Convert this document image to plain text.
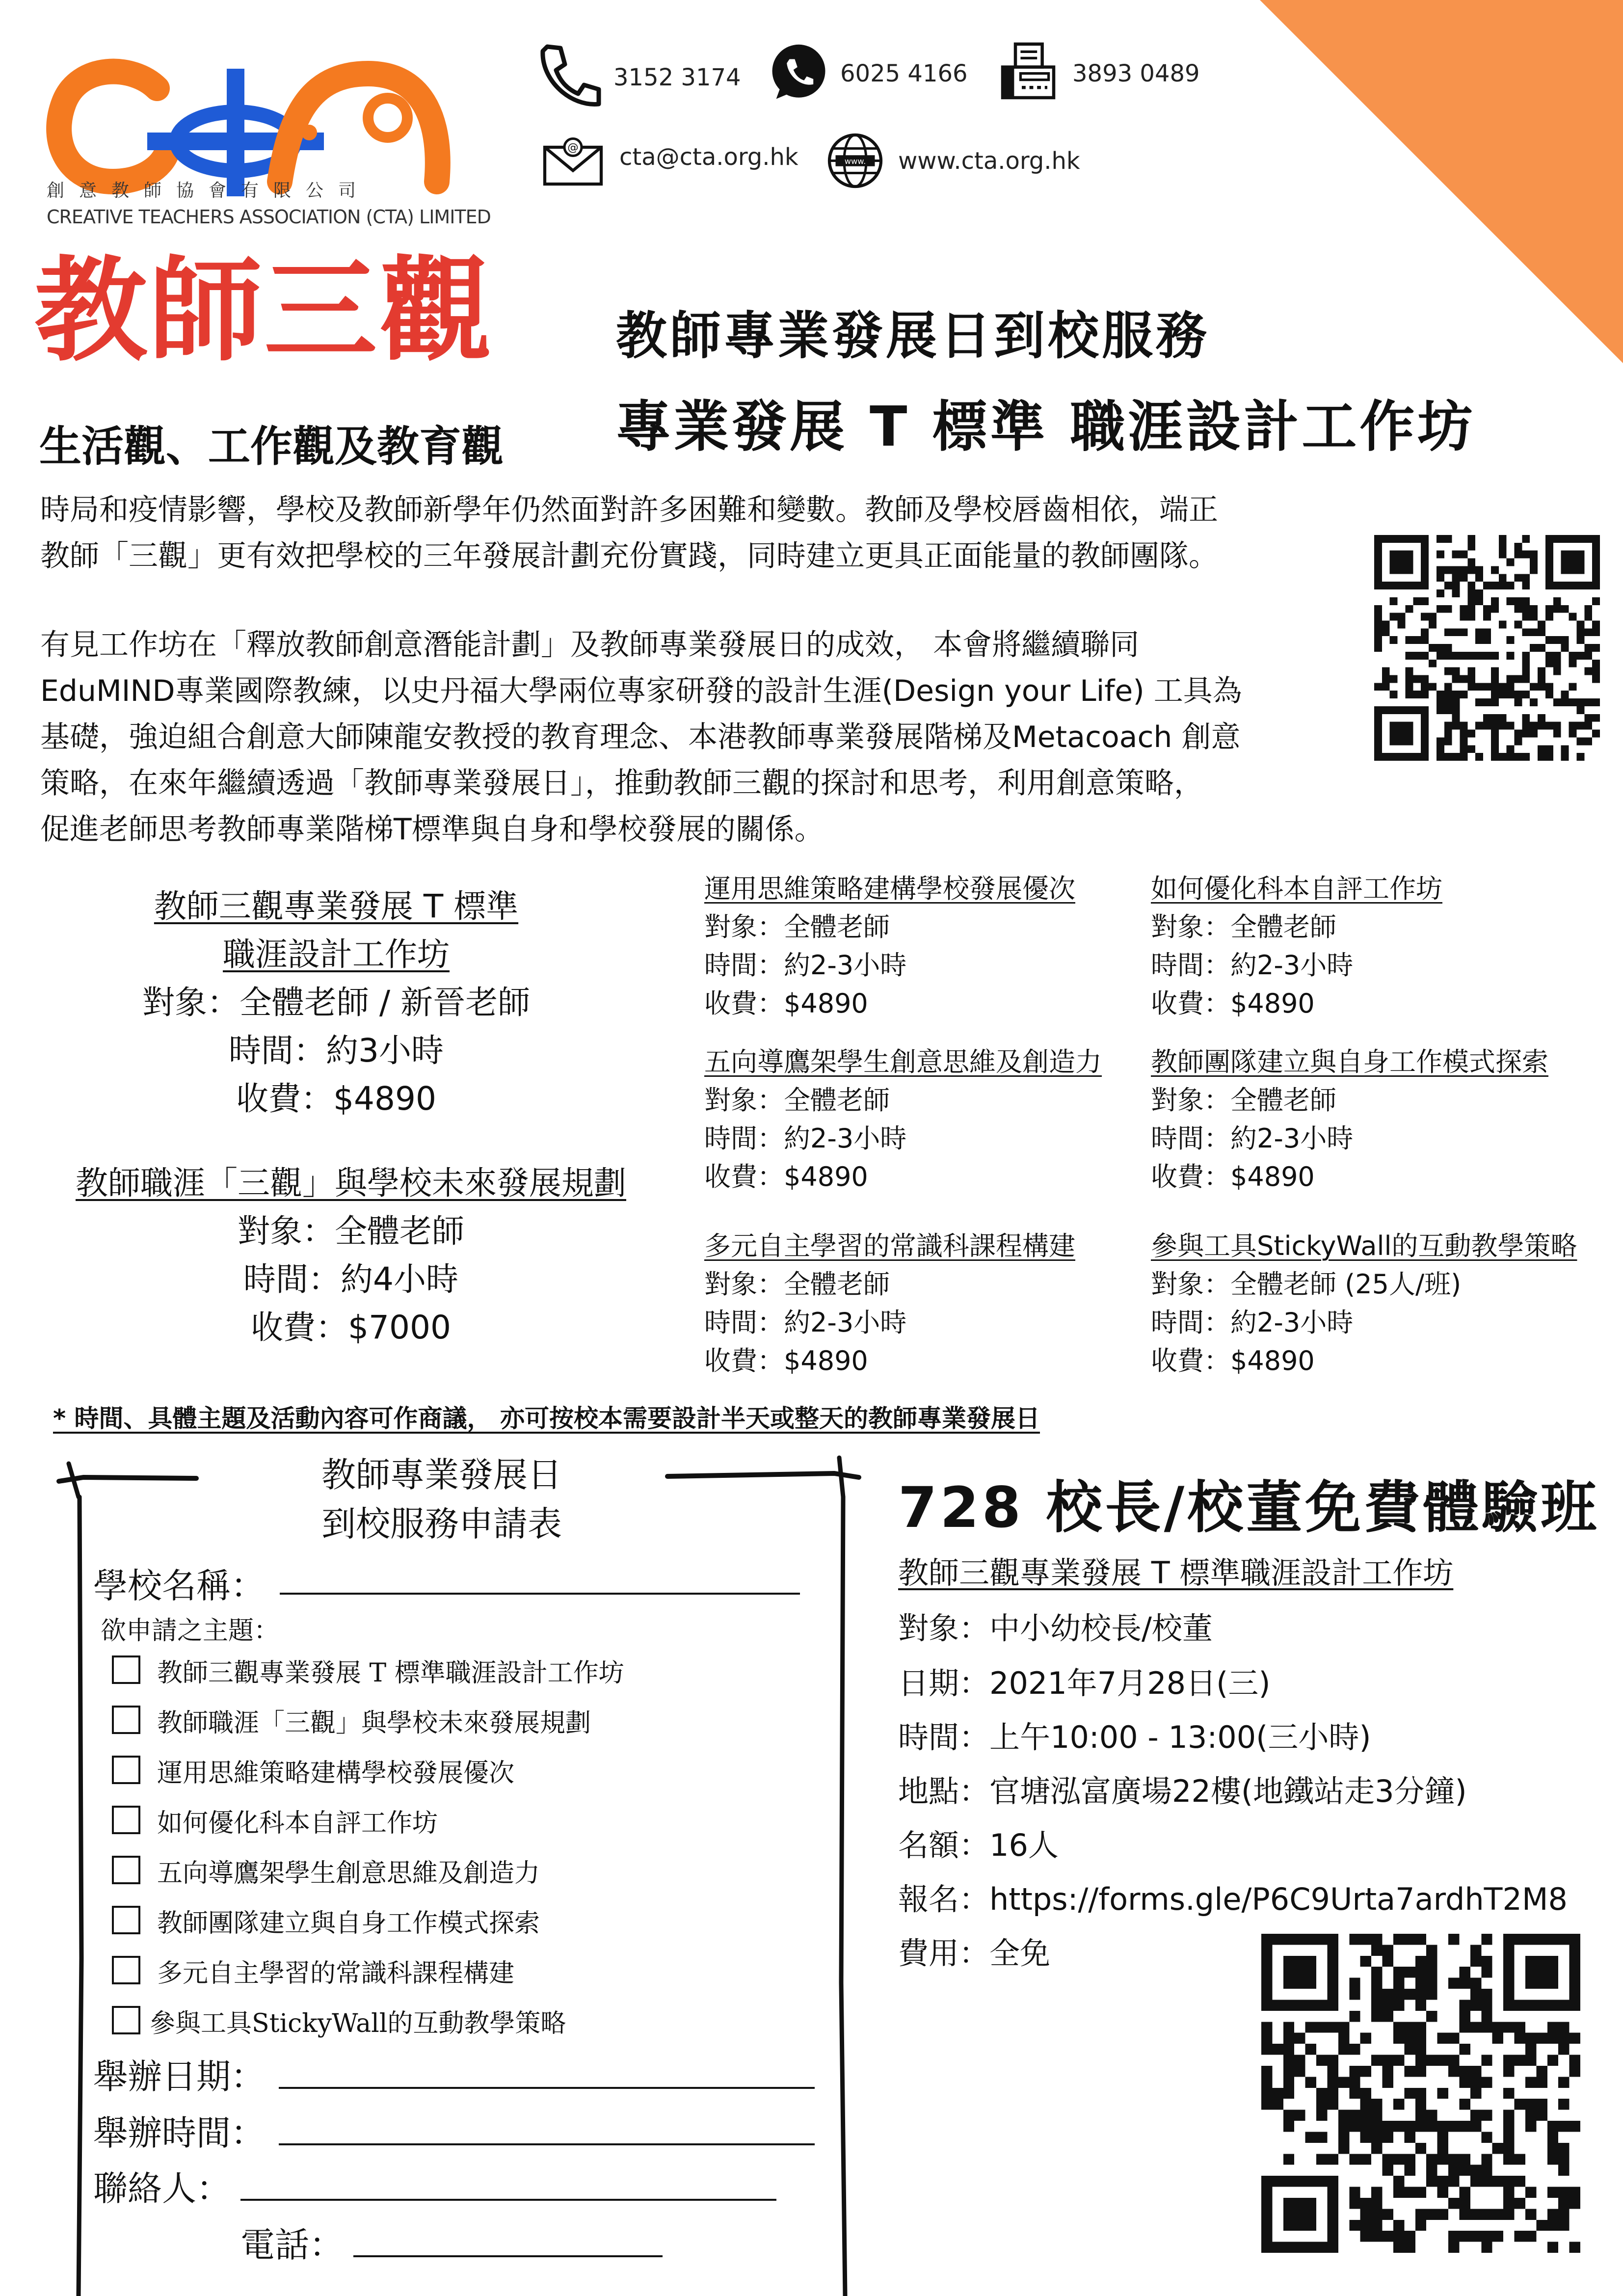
創意教師協會有限公司
CREATIVE TEACHERS ASSOCIATION (CTA) LIMITED
3152 3174	6025 4166	3893 0489
@ cta@cta.org.hk	www. www.cta.org.hk
教師三觀
生活觀、工作觀及教育觀
教師專業發展日到校服務
專業發展 T 標準 職涯設計工作坊
時局和疫情影響，學校及教師新學年仍然面對許多困難和變數。教師及學校唇齒相依，端正
教師「三觀」更有效把學校的三年發展計劃充份實踐，同時建立更具正面能量的教師團隊。
有見工作坊在「釋放教師創意潛能計劃」及教師專業發展日的成效， 本會將繼續聯同
EduMIND專業國際教練，以史丹福大學兩位專家研發的設計生涯(Design your Life) 工具為
基礎，強迫組合創意大師陳龍安教授的教育理念、本港教師專業發展階梯及Metacoach 創意
策略，在來年繼續透過「教師專業發展日」，推動教師三觀的探討和思考，利用創意策略，
促進老師思考教師專業階梯T標準與自身和學校發展的關係。
教師三觀專業發展 T 標準
職涯設計工作坊
對象：全體老師 / 新晉老師
時間：約3小時
收費：$4890
教師職涯「三觀」與學校未來發展規劃
對象：全體老師
時間：約4小時
收費：$7000
運用思維策略建構學校發展優次
對象：全體老師
時間：約2-3小時
收費：$4890
如何優化科本自評工作坊
對象：全體老師
時間：約2-3小時
收費：$4890
五向導鷹架學生創意思維及創造力
對象：全體老師
時間：約2-3小時
收費：$4890
教師團隊建立與自身工作模式探索
對象：全體老師
時間：約2-3小時
收費：$4890
多元自主學習的常識科課程構建
對象：全體老師
時間：約2-3小時
收費：$4890
參與工具StickyWall的互動教學策略
對象：全體老師 (25人/班)
時間：約2-3小時
收費：$4890
* 時間、具體主題及活動內容可作商議， 亦可按校本需要設計半天或整天的教師專業發展日
教師專業發展日
到校服務申請表
學校名稱：
欲申請之主題：
教師三觀專業發展 T 標準職涯設計工作坊
教師職涯「三觀」與學校未來發展規劃
運用思維策略建構學校發展優次
如何優化科本自評工作坊
五向導鷹架學生創意思維及創造力
教師團隊建立與自身工作模式探索
多元自主學習的常識科課程構建
參與工具StickyWall的互動教學策略
舉辦日期：
舉辦時間：
聯絡人：
電話：
728 校長/校董免費體驗班
教師三觀專業發展 T 標準職涯設計工作坊
對象：中小幼校長/校董
日期：2021年7月28日(三)
時間：上午10:00 - 13:00(三小時)
地點：官塘泓富廣場22樓(地鐵站走3分鐘)
名額：16人
報名：https://forms.gle/P6C9Urta7ardhT2M8
費用：全免
